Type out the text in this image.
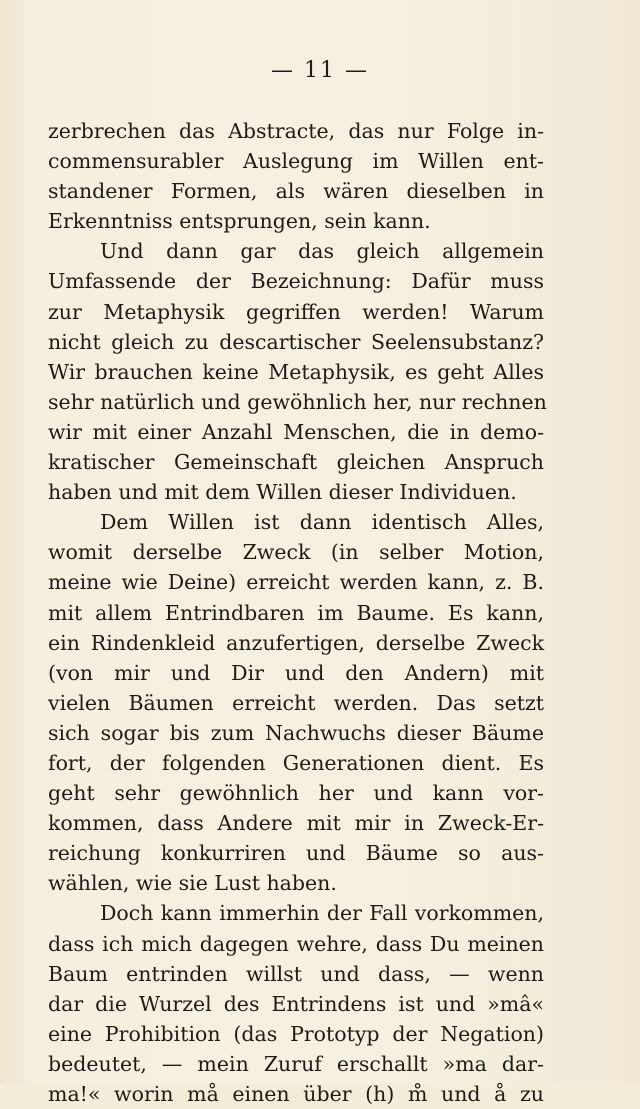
— 11 —
zerbrechen das Abstracte, das nur Folge in-
commensurabler Auslegung im Willen ent-
standener Formen, als wären dieselben in
Erkenntniss entsprungen, sein kann.
Und dann gar das gleich allgemein
Umfassende der Bezeichnung: Dafür muss
zur Metaphysik gegriffen werden! Warum
nicht gleich zu descartischer Seelensubstanz?
Wir brauchen keine Metaphysik, es geht Alles
sehr natürlich und gewöhnlich her, nur rechnen
wir mit einer Anzahl Menschen, die in demo-
kratischer Gemeinschaft gleichen Anspruch
haben und mit dem Willen dieser Individuen.
Dem Willen ist dann identisch Alles,
womit derselbe Zweck (in selber Motion,
meine wie Deine) erreicht werden kann, z. B.
mit allem Entrindbaren im Baume. Es kann,
ein Rindenkleid anzufertigen, derselbe Zweck
(von mir und Dir und den Andern) mit
vielen Bäumen erreicht werden. Das setzt
sich sogar bis zum Nachwuchs dieser Bäume
fort, der folgenden Generationen dient. Es
geht sehr gewöhnlich her und kann vor-
kommen, dass Andere mit mir in Zweck-Er-
reichung konkurriren und Bäume so aus-
wählen, wie sie Lust haben.
Doch kann immerhin der Fall vorkommen,
dass ich mich dagegen wehre, dass Du meinen
Baum entrinden willst und dass, — wenn
dar die Wurzel des Entrindens ist und »mâ«
eine Prohibition (das Prototyp der Negation)
bedeutet, — mein Zuruf erschallt »ma dar-
ma!« worin må einen über (h) m̊ und å zu
